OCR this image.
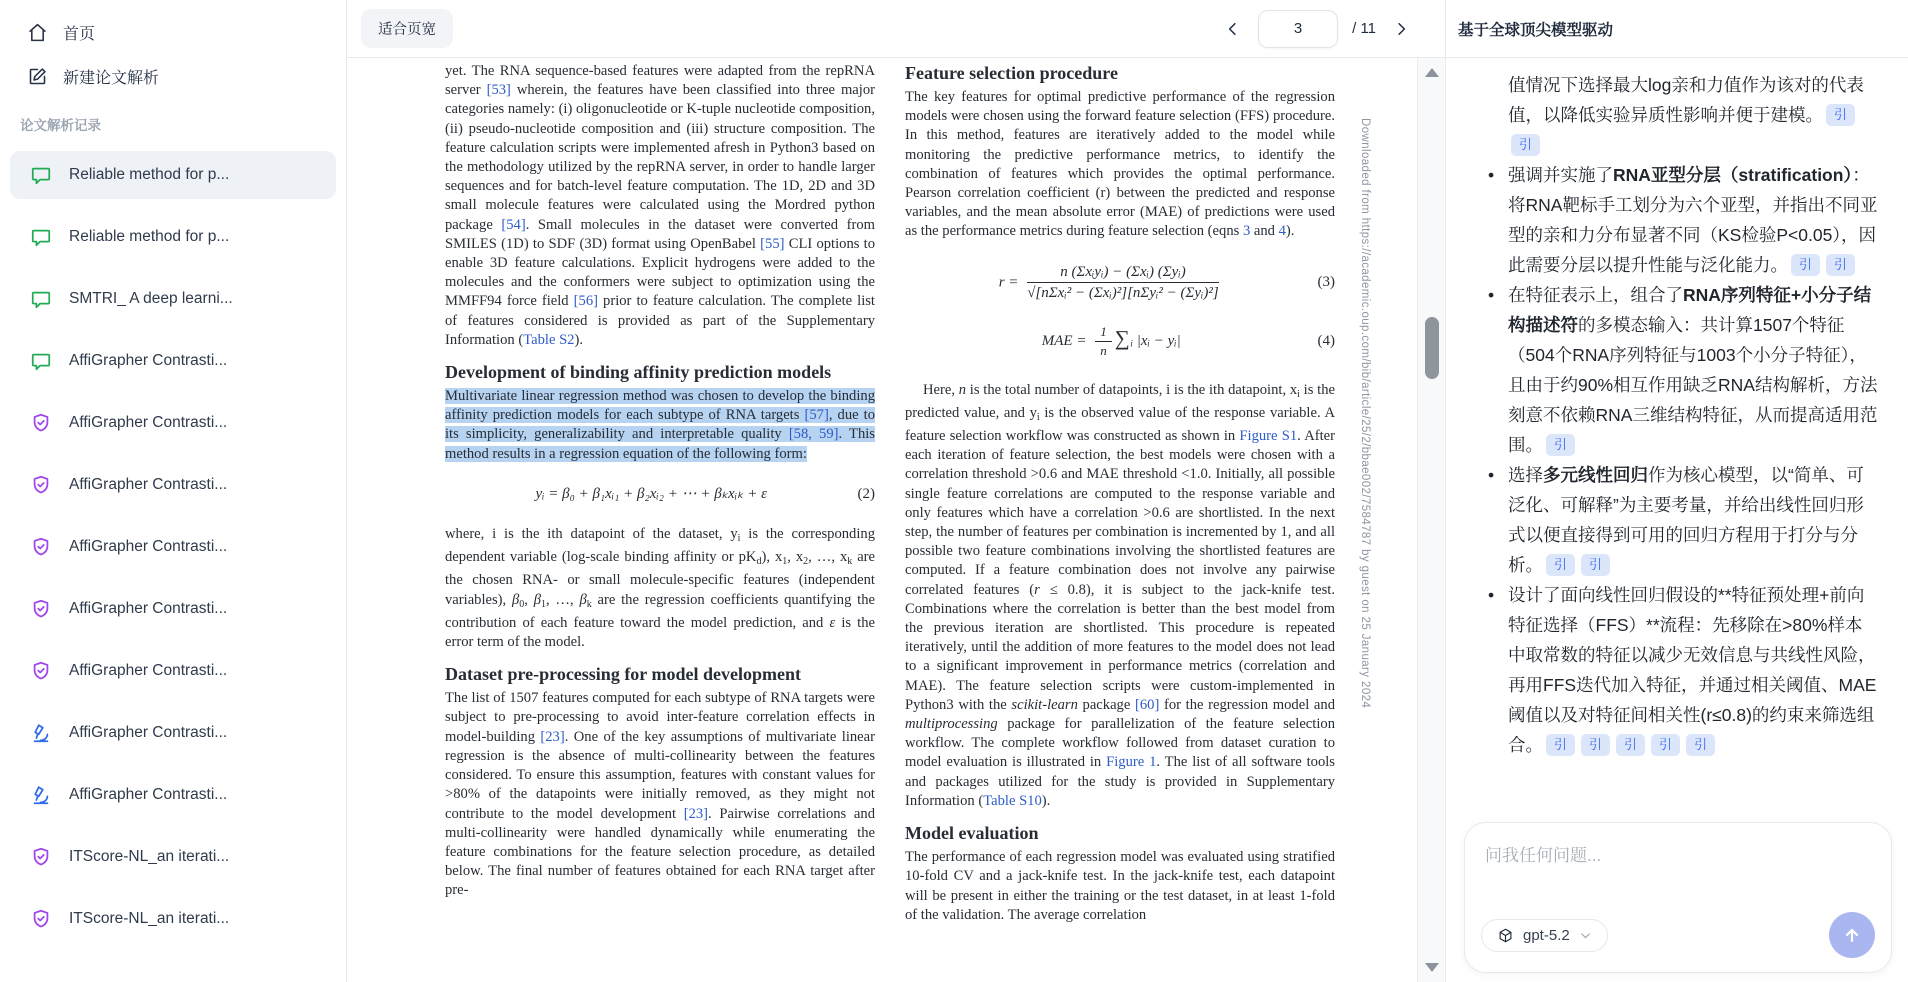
首页
新建论文解析
论文解析记录
Reliable method for p...
Reliable method for p...
SMTRI_ A deep learni...
AffiGrapher Contrasti...
AffiGrapher Contrasti...
AffiGrapher Contrasti...
AffiGrapher Contrasti...
AffiGrapher Contrasti...
AffiGrapher Contrasti...
AffiGrapher Contrasti...
AffiGrapher Contrasti...
ITScore-NL_an iterati...
ITScore-NL_an iterati...
适合页宽
3	/ 11

yet. The RNA sequence-based features were adapted from the repRNA server [53] wherein, the features have been classified into three major categories namely: (i) oligonucleotide or K-tuple nucleotide composition, (ii) pseudo-nucleotide composition and (iii) structure composition. The feature calculation scripts were implemented afresh in Python3 based on the methodology utilized by the repRNA server, in order to handle larger sequences and for batch-level feature computation. The 1D, 2D and 3D small molecule features were calculated using the Mordred python package [54]. Small molecules in the dataset were converted from SMILES (1D) to SDF (3D) format using OpenBabel [55] CLI options to enable 3D feature calculations. Explicit hydrogens were added to the molecules and the conformers were subject to optimization using the MMFF94 force field [56] prior to feature calculation. The complete list of features considered is provided as part of the Supplementary Information (Table S2).

Development of binding affinity prediction models

Multivariate linear regression method was chosen to develop the binding affinity prediction models for each subtype of RNA targets [57], due to its simplicity, generalizability and interpretable quality [58, 59]. This method results in a regression equation of the following form:

yᵢ = β₀ + β₁xᵢ₁ + β₂xᵢ₂ + ⋯ + βₖxᵢₖ + ε	(2)

where, i is the ith datapoint of the dataset, $y_i$ is the corresponding dependent variable (log-scale binding affinity or $pK_d$), $x_1$, $x_2$, …, $x_k$ are the chosen RNA- or small molecule-specific features (independent variables), $\beta_0$, $\beta_1$, …, $\beta_k$ are the regression coefficients quantifying the contribution of each feature toward the model prediction, and ε is the error term of the model.

Dataset pre-processing for model development

The list of 1507 features computed for each subtype of RNA targets were subject to pre-processing to avoid inter-feature correlation effects in model-building [23]. One of the key assumptions of multivariate linear regression is the absence of multi-collinearity between the features considered. To ensure this assumption, features with constant values for >80% of the datapoints were initially removed, as they might not contribute to the model development [23]. Pairwise correlations and multi-collinearity were handled dynamically while enumerating the feature combinations for the feature selection procedure, as detailed below. The final number of features obtained for each RNA target after pre-

Feature selection procedure

The key features for optimal predictive performance of the regression models were chosen using the forward feature selection (FFS) procedure. In this method, features are iteratively added to the model while monitoring the predictive performance metrics, to identify the combination of features which provides the optimal performance. Pearson correlation coefficient (r) between the predicted and response variables, and the mean absolute error (MAE) of predictions were used as the performance metrics during feature selection (eqns 3 and 4).

$r = \frac{\text{n (Σxᵢyᵢ) − (Σxᵢ) (Σyᵢ)}}{\text{√[nΣxᵢ² − (Σxᵢ)²][nΣyᵢ² − (Σyᵢ)²]}}$	(3)
MAE = $\frac{1}{n}$ ∑ᵢ |xᵢ − yᵢ|	(4)

Here, n is the total number of datapoints, i is the ith datapoint, $x_i$ is the predicted value, and $y_i$ is the observed value of the response variable. A feature selection workflow was constructed as shown in Figure S1. After each iteration of feature selection, the best models were chosen with a correlation threshold >0.6 and MAE threshold <1.0. Initially, all possible single feature correlations are computed to the response variable and only features which have a correlation >0.6 are shortlisted. In the next step, the number of features per combination is incremented by 1, and all possible two feature combinations involving the shortlisted features are computed. If a feature combination does not involve any pairwise correlated features (r ≤ 0.8), it is subject to the jack-knife test. Combinations where the correlation is better than the best model from the previous iteration are shortlisted. This procedure is repeated iteratively, until the addition of more features to the model does not lead to a significant improvement in performance metrics (correlation and MAE). The feature selection scripts were custom-implemented in Python3 with the scikit-learn package [60] for the regression model and multiprocessing package for parallelization of the feature selection workflow. The complete workflow followed from dataset curation to model evaluation is illustrated in Figure 1. The list of all software tools and packages utilized for the study is provided in Supplementary Information (Table S10).

Model evaluation

The performance of each regression model was evaluated using stratified 10-fold CV and a jack-knife test. In the jack-knife test, each datapoint will be present in either the training or the test dataset, in at least 1-fold of the validation. The average correlation

Downloaded from https://academic.oup.com/bib/article/25/2/bbae002/7584787 by guest on 25 January 2024
基于全球顶尖模型驱动

值情况下选择最大log亲和力值作为该对的代表值，以降低实验异质性影响并便于建模。 引引

• 强调并实施了RNA亚型分层（stratification）：将RNA靶标手工划分为六个亚型，并指出不同亚型的亲和力分布显著不同（KS检验P<0.05），因此需要分层以提升性能与泛化能力。 引 引
• 在特征表示上，组合了RNA序列特征+小分子结构描述符的多模态输入：共计算1507个特征（504个RNA序列特征与1003个小分子特征），且由于约90%相互作用缺乏RNA结构解析，方法刻意不依赖RNA三维结构特征，从而提高适用范围。 引
• 选择多元线性回归作为核心模型，以“简单、可泛化、可解释”为主要考量，并给出线性回归形式以便直接得到可用的回归方程用于打分与分析。 引 引
• 设计了面向线性回归假设的**特征预处理+前向特征选择（FFS）**流程：先移除在>80%样本中取常数的特征以减少无效信息与共线性风险，再用FFS迭代加入特征，并通过相关阈值、MAE阈值以及对特征间相关性(r≤0.8)的约束来筛选组合。 引 引 引 引 引
问我任何问题...
gpt-5.2
